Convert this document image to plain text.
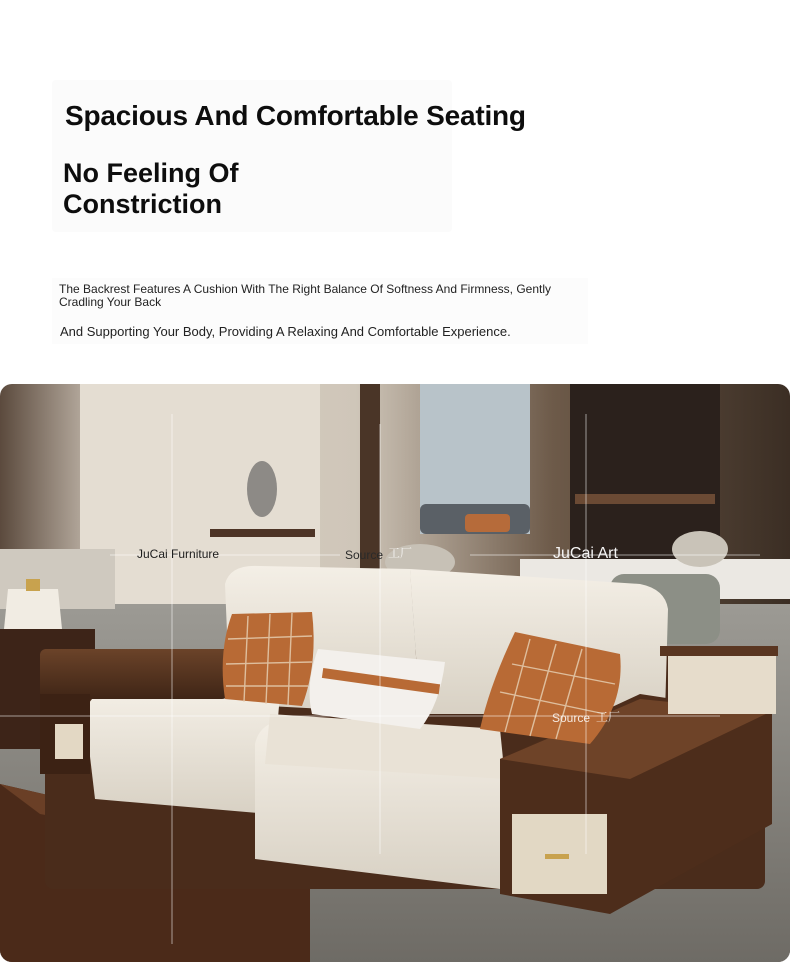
Spacious And Comfortable Seating
No Feeling Of Constriction
The Backrest Features A Cushion With The Right Balance Of Softness And Firmness, Gently Cradling Your Back
And Supporting Your Body, Providing A Relaxing And Comfortable Experience.
JuCai Furniture	Source 工厂	JuCai Art
Source 工厂
